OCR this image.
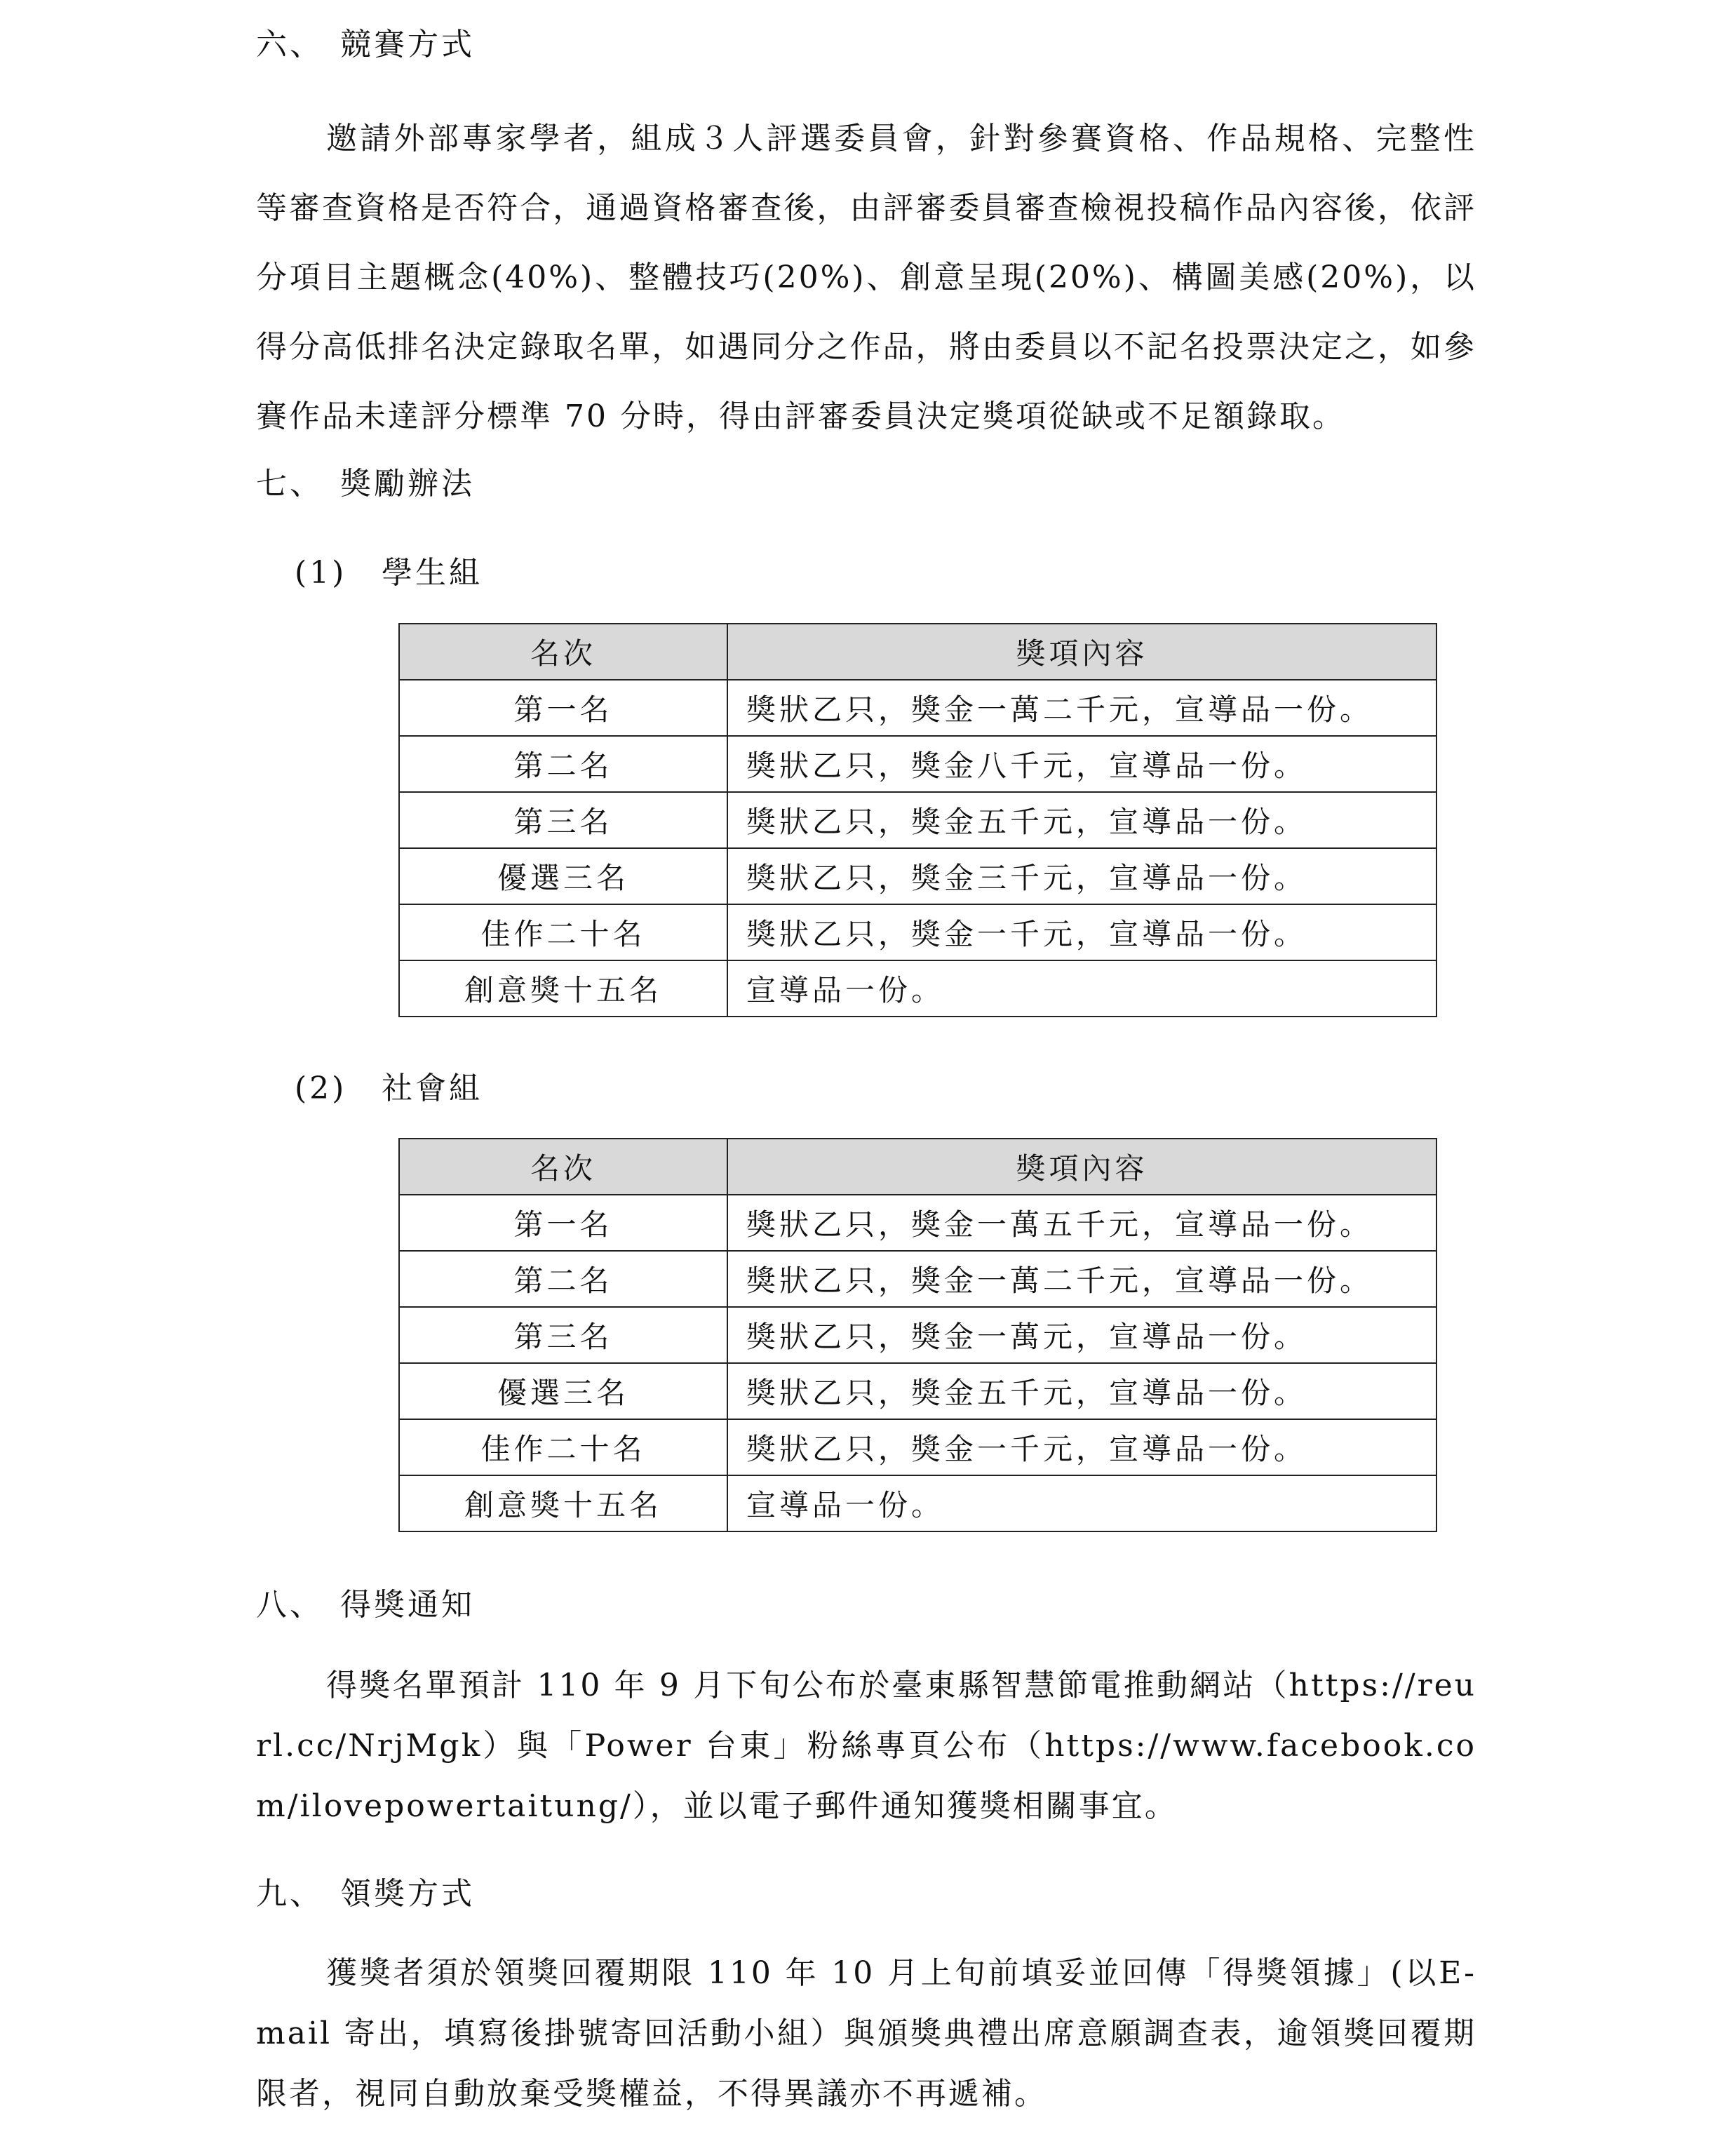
六、 競賽方式

邀請外部專家學者，組成３人評選委員會，針對參賽資格、作品規格、完整性等審查資格是否符合，通過資格審查後，由評審委員審查檢視投稿作品內容後，依評分項目主題概念(40%)、整體技巧(20%)、創意呈現(20%)、構圖美感(20%)，以得分高低排名決定錄取名單，如遇同分之作品，將由委員以不記名投票決定之，如參賽作品未達評分標準 70 分時，得由評審委員決定獎項從缺或不足額錄取。

七、 獎勵辦法
(1) 學生組
名次	獎項內容
第一名	獎狀乙只，獎金一萬二千元，宣導品一份。
第二名	獎狀乙只，獎金八千元，宣導品一份。
第三名	獎狀乙只，獎金五千元，宣導品一份。
優選三名	獎狀乙只，獎金三千元，宣導品一份。
佳作二十名	獎狀乙只，獎金一千元，宣導品一份。
創意獎十五名	宣導品一份。
(2) 社會組
名次	獎項內容
第一名	獎狀乙只，獎金一萬五千元，宣導品一份。
第二名	獎狀乙只，獎金一萬二千元，宣導品一份。
第三名	獎狀乙只，獎金一萬元，宣導品一份。
優選三名	獎狀乙只，獎金五千元，宣導品一份。
佳作二十名	獎狀乙只，獎金一千元，宣導品一份。
創意獎十五名	宣導品一份。
八、 得獎通知

得獎名單預計 110 年 9 月下旬公布於臺東縣智慧節電推動網站（https://reurl.cc/NrjMgk）與「Power 台東」粉絲專頁公布（https://www.facebook.com/ilovepowertaitung/），並以電子郵件通知獲獎相關事宜。

九、 領獎方式

獲獎者須於領獎回覆期限 110 年 10 月上旬前填妥並回傳「得獎領據」(以E-mail 寄出，填寫後掛號寄回活動小組）與頒獎典禮出席意願調查表，逾領獎回覆期限者，視同自動放棄受獎權益，不得異議亦不再遞補。
